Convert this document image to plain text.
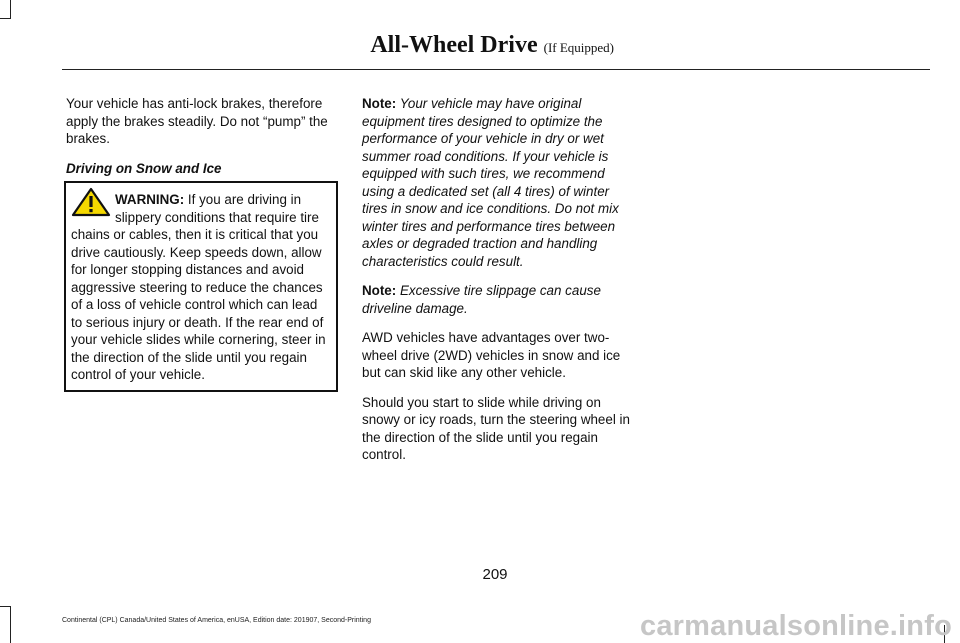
All-Wheel Drive (If Equipped)

Your vehicle has anti-lock brakes, therefore apply the brakes steadily. Do not “pump” the brakes.

Driving on Snow and Ice

WARNING: If you are driving in slippery conditions that require tire chains or cables, then it is critical that you drive cautiously. Keep speeds down, allow for longer stopping distances and avoid aggressive steering to reduce the chances of a loss of vehicle control which can lead to serious injury or death. If the rear end of your vehicle slides while cornering, steer in the direction of the slide until you regain control of your vehicle.

Note: Your vehicle may have original equipment tires designed to optimize the performance of your vehicle in dry or wet summer road conditions. If your vehicle is equipped with such tires, we recommend using a dedicated set (all 4 tires) of winter tires in snow and ice conditions. Do not mix winter tires and performance tires between axles or degraded traction and handling characteristics could result.

Note: Excessive tire slippage can cause driveline damage.

AWD vehicles have advantages over two-wheel drive (2WD) vehicles in snow and ice but can skid like any other vehicle.

Should you start to slide while driving on snowy or icy roads, turn the steering wheel in the direction of the slide until you regain control.

209
Continental (CPL) Canada/United States of America, enUSA, Edition date: 201907, Second-Printing	carmanualsonline.info
